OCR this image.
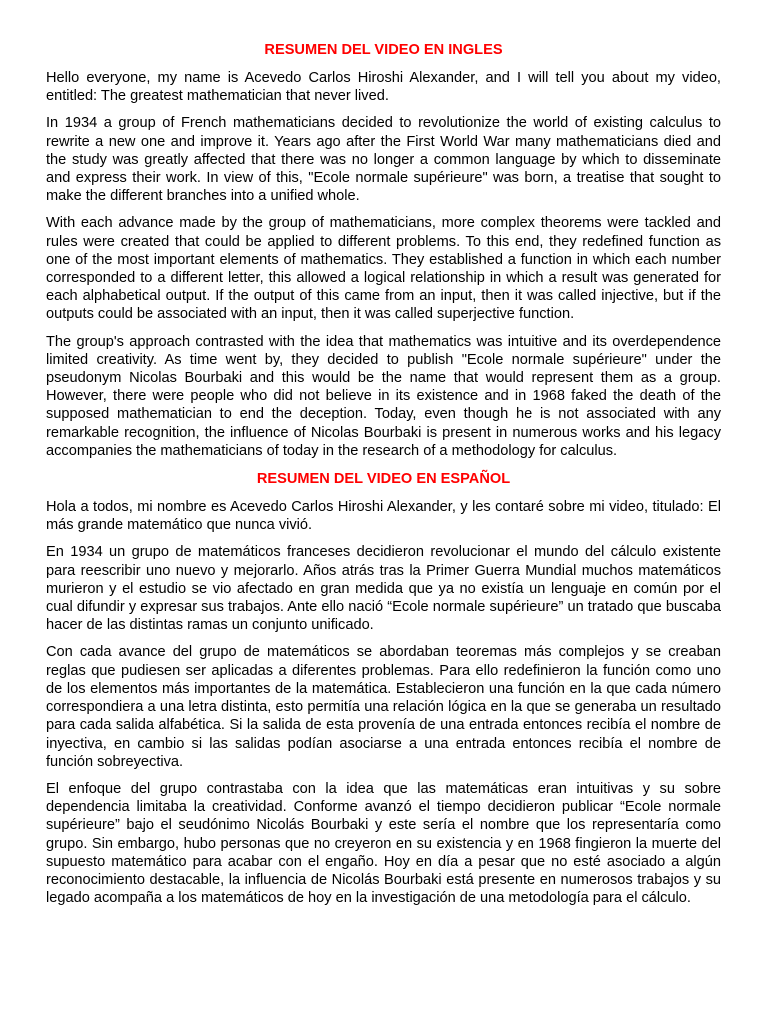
RESUMEN DEL VIDEO EN INGLES

Hello everyone, my name is Acevedo Carlos Hiroshi Alexander, and I will tell you about my video, entitled: The greatest mathematician that never lived.

In 1934 a group of French mathematicians decided to revolutionize the world of existing calculus to rewrite a new one and improve it. Years ago after the First World War many mathematicians died and the study was greatly affected that there was no longer a common language by which to disseminate and express their work. In view of this, "Ecole normale supérieure" was born, a treatise that sought to make the different branches into a unified whole.

With each advance made by the group of mathematicians, more complex theorems were tackled and rules were created that could be applied to different problems. To this end, they redefined function as one of the most important elements of mathematics. They established a function in which each number corresponded to a different letter, this allowed a logical relationship in which a result was generated for each alphabetical output. If the output of this came from an input, then it was called injective, but if the outputs could be associated with an input, then it was called superjective function.

The group's approach contrasted with the idea that mathematics was intuitive and its overdependence limited creativity. As time went by, they decided to publish "Ecole normale supérieure" under the pseudonym Nicolas Bourbaki and this would be the name that would represent them as a group. However, there were people who did not believe in its existence and in 1968 faked the death of the supposed mathematician to end the deception. Today, even though he is not associated with any remarkable recognition, the influence of Nicolas Bourbaki is present in numerous works and his legacy accompanies the mathematicians of today in the research of a methodology for calculus.

RESUMEN DEL VIDEO EN ESPAÑOL

Hola a todos, mi nombre es Acevedo Carlos Hiroshi Alexander, y les contaré sobre mi video, titulado: El más grande matemático que nunca vivió.

En 1934 un grupo de matemáticos franceses decidieron revolucionar el mundo del cálculo existente para reescribir uno nuevo y mejorarlo. Años atrás tras la Primer Guerra Mundial muchos matemáticos murieron y el estudio se vio afectado en gran medida que ya no existía un lenguaje en común por el cual difundir y expresar sus trabajos. Ante ello nació “Ecole normale supérieure” un tratado que buscaba hacer de las distintas ramas un conjunto unificado.

Con cada avance del grupo de matemáticos se abordaban teoremas más complejos y se creaban reglas que pudiesen ser aplicadas a diferentes problemas. Para ello redefinieron la función como uno de los elementos más importantes de la matemática. Establecieron una función en la que cada número correspondiera a una letra distinta, esto permitía una relación lógica en la que se generaba un resultado para cada salida alfabética. Si la salida de esta provenía de una entrada entonces recibía el nombre de inyectiva, en cambio si las salidas podían asociarse a una entrada entonces recibía el nombre de función sobreyectiva.

El enfoque del grupo contrastaba con la idea que las matemáticas eran intuitivas y su sobre dependencia limitaba la creatividad. Conforme avanzó el tiempo decidieron publicar “Ecole normale supérieure” bajo el seudónimo Nicolás Bourbaki y este sería el nombre que los representaría como grupo. Sin embargo, hubo personas que no creyeron en su existencia y en 1968 fingieron la muerte del supuesto matemático para acabar con el engaño. Hoy en día a pesar que no esté asociado a algún reconocimiento destacable, la influencia de Nicolás Bourbaki está presente en numerosos trabajos y su legado acompaña a los matemáticos de hoy en la investigación de una metodología para el cálculo.
